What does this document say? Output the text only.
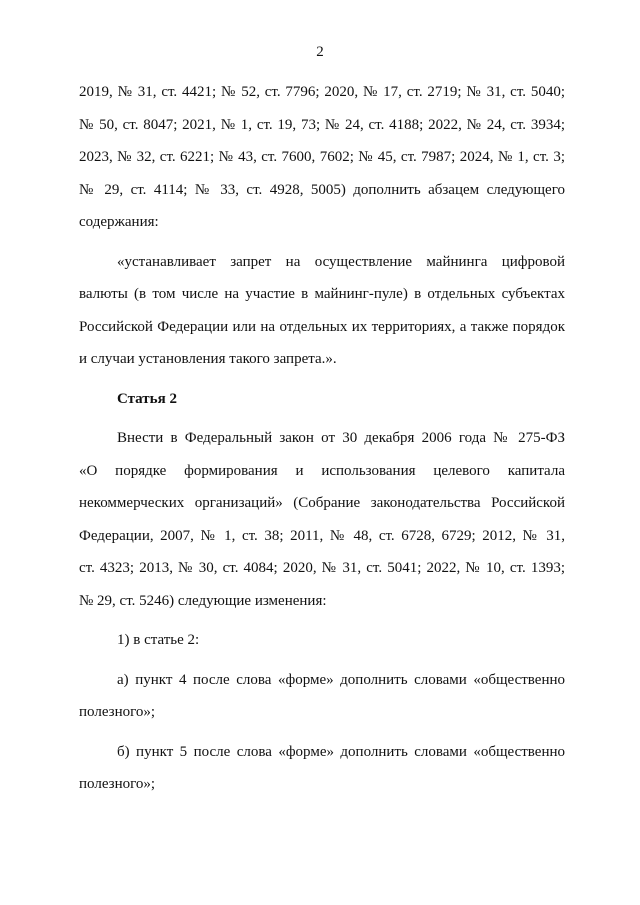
2

2019, № 31, ст. 4421; № 52, ст. 7796; 2020, № 17, ст. 2719; № 31, ст. 5040;
№ 50, ст. 8047; 2021, № 1, ст. 19, 73; № 24, ст. 4188; 2022, № 24, ст. 3934;
2023, № 32, ст. 6221; № 43, ст. 7600, 7602; № 45, ст. 7987; 2024, № 1, ст. 3;
№ 29, ст. 4114; № 33, ст. 4928, 5005) дополнить абзацем следующего
содержания:

«устанавливает запрет на осуществление майнинга цифровой
валюты (в том числе на участие в майнинг-пуле) в отдельных субъектах
Российской Федерации или на отдельных их территориях, а также порядок
и случаи установления такого запрета.».

Статья 2

Внести в Федеральный закон от 30 декабря 2006 года № 275-ФЗ
«О порядке формирования и использования целевого капитала
некоммерческих организаций» (Собрание законодательства Российской
Федерации, 2007, № 1, ст. 38; 2011, № 48, ст. 6728, 6729; 2012, № 31,
ст. 4323; 2013, № 30, ст. 4084; 2020, № 31, ст. 5041; 2022, № 10, ст. 1393;
№ 29, ст. 5246) следующие изменения:

1) в статье 2:

а) пункт 4 после слова «форме» дополнить словами «общественно
полезного»;

б) пункт 5 после слова «форме» дополнить словами «общественно
полезного»;
